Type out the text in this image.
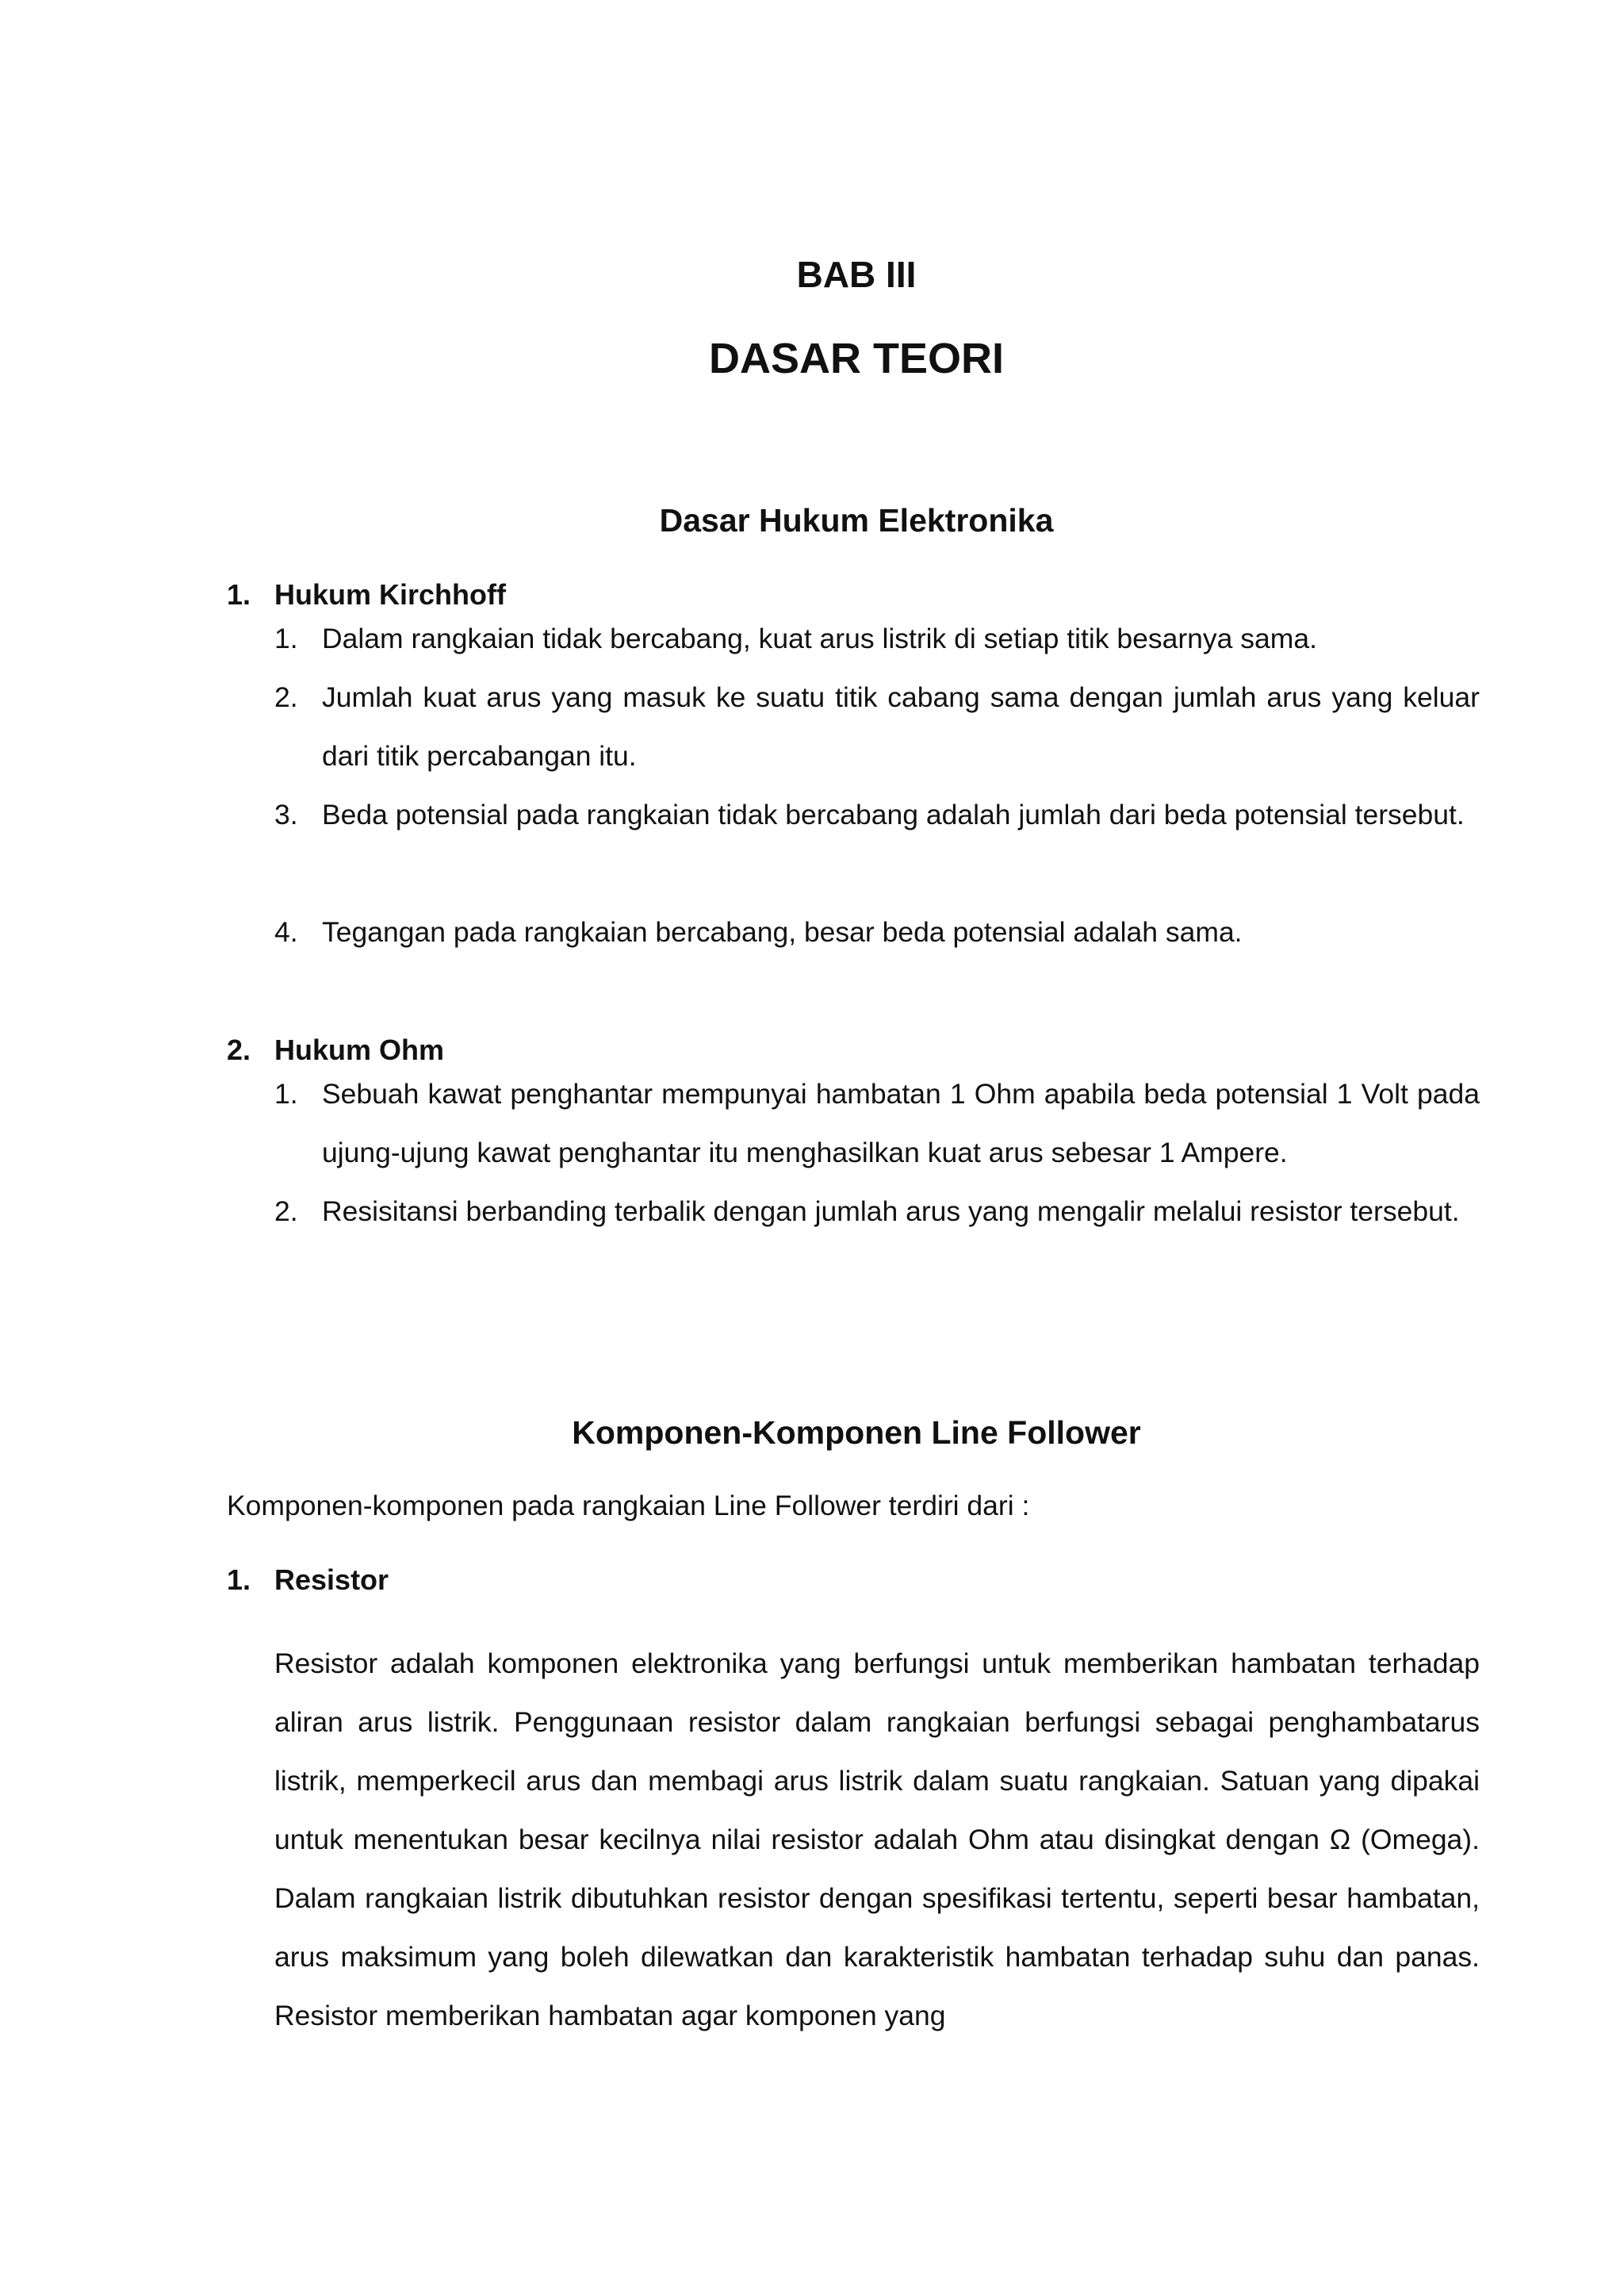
BAB III
DASAR TEORI
Dasar Hukum Elektronika
1. Hukum Kirchhoff
1. Dalam rangkaian tidak bercabang, kuat arus listrik di setiap titik besarnya sama.
2. Jumlah kuat arus yang masuk ke suatu titik cabang sama dengan jumlah arus yang keluar dari titik percabangan itu.
3. Beda potensial pada rangkaian tidak bercabang adalah jumlah dari beda potensial tersebut.
4. Tegangan pada rangkaian bercabang, besar beda potensial adalah sama.
2. Hukum Ohm
1. Sebuah kawat penghantar mempunyai hambatan 1 Ohm apabila beda potensial 1 Volt pada ujung-ujung kawat penghantar itu menghasilkan kuat arus sebesar 1 Ampere.
2. Resisitansi berbanding terbalik dengan jumlah arus yang mengalir melalui resistor tersebut.
Komponen-Komponen Line Follower
Komponen-komponen pada rangkaian Line Follower terdiri dari :
1. Resistor
Resistor adalah komponen elektronika yang berfungsi untuk memberikan hambatan terhadap aliran arus listrik. Penggunaan resistor dalam rangkaian berfungsi sebagai penghambatarus listrik, memperkecil arus dan membagi arus listrik dalam suatu rangkaian. Satuan yang dipakai untuk menentukan besar kecilnya nilai resistor adalah Ohm atau disingkat dengan Ω (Omega). Dalam rangkaian listrik dibutuhkan resistor dengan spesifikasi tertentu, seperti besar hambatan, arus maksimum yang boleh dilewatkan dan karakteristik hambatan terhadap suhu dan panas. Resistor memberikan hambatan agar komponen yang
